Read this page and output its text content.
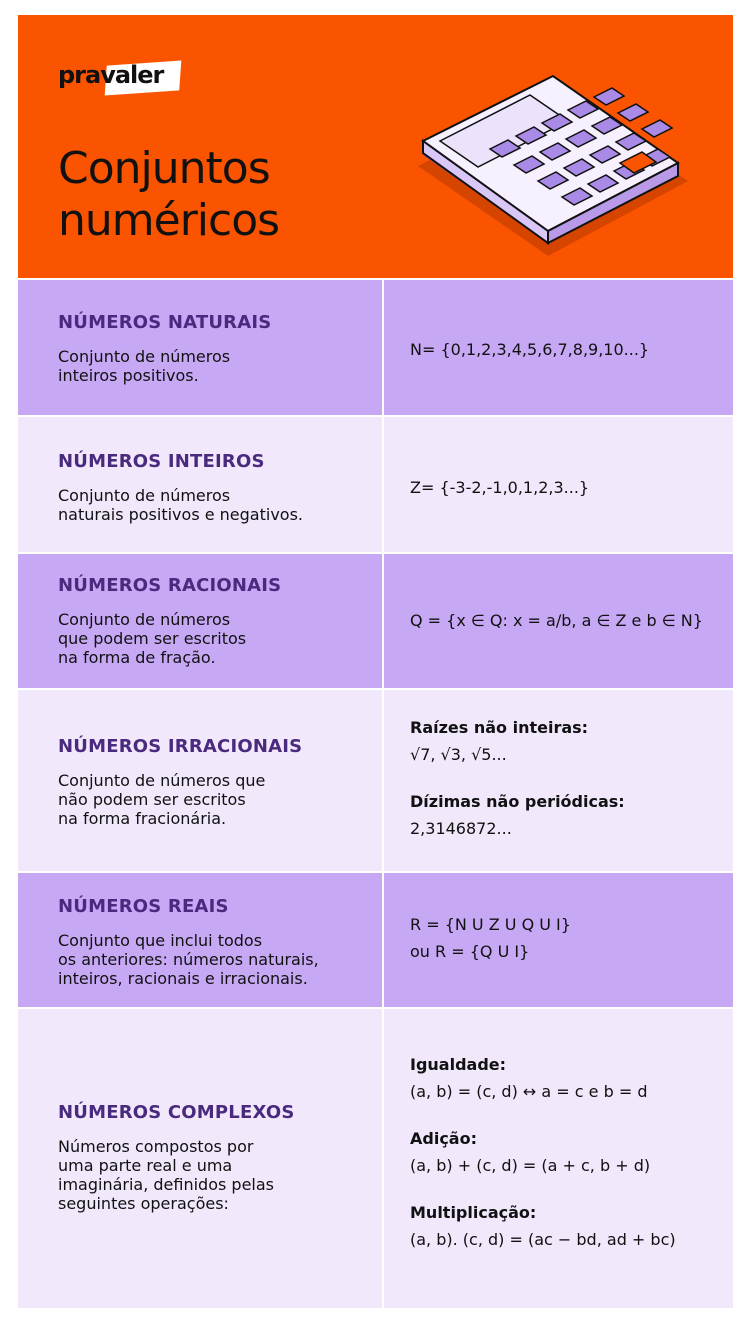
pravaler
Conjuntos
numéricos
NÚMEROS NATURAIS
Conjunto de números
inteiros positivos.
N= {0,1,2,3,4,5,6,7,8,9,10...}
NÚMEROS INTEIROS
Conjunto de números
naturais positivos e negativos.
Z= {-3-2,-1,0,1,2,3...}
NÚMEROS RACIONAIS
Conjunto de números
que podem ser escritos
na forma de fração.
Q = {x ∈ Q: x = a/b, a ∈ Z e b ∈ N}
NÚMEROS IRRACIONAIS
Conjunto de números que
não podem ser escritos
na forma fracionária.
Raízes não inteiras:
√7, √3, √5...
Dízimas não periódicas:
2,3146872...
NÚMEROS REAIS
Conjunto que inclui todos
os anteriores: números naturais,
inteiros, racionais e irracionais.
R = {N U Z U Q U I}
ou R = {Q U I}
NÚMEROS COMPLEXOS
Números compostos por
uma parte real e uma
imaginária, definidos pelas
seguintes operações:
Igualdade:
(a, b) = (c, d) ↔ a = c e b = d
Adição:
(a, b) + (c, d) = (a + c, b + d)
Multiplicação:
(a, b). (c, d) = (ac − bd, ad + bc)
